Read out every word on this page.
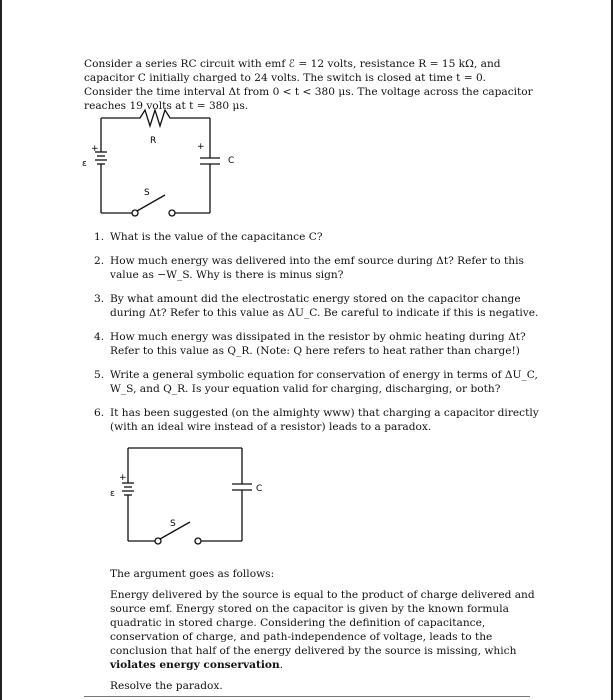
Consider a series RC circuit with emf ℰ = 12 volts, resistance R = 15 kΩ, and capacitor C initially charged to 24 volts. The switch is closed at time t = 0. Consider the time interval Δt from 0 < t < 380 μs. The voltage across the capacitor reaches 19 volts at t = 380 μs.

R
+
C
+
ε
S
1. What is the value of the capacitance C?
2. How much energy was delivered into the emf source during Δt? Refer to this value as −W_S. Why is there is minus sign?
3. By what amount did the electrostatic energy stored on the capacitor change during Δt? Refer to this value as ΔU_C. Be careful to indicate if this is negative.
4. How much energy was dissipated in the resistor by ohmic heating during Δt? Refer to this value as Q_R. (Note: Q here refers to heat rather than charge!)
5. Write a general symbolic equation for conservation of energy in terms of ΔU_C, W_S, and Q_R. Is your equation valid for charging, discharging, or both?
6. It has been suggested (on the almighty www) that charging a capacitor directly (with an ideal wire instead of a resistor) leads to a paradox.
C
+
ε
S

The argument goes as follows:

Energy delivered by the source is equal to the product of charge delivered and source emf. Energy stored on the capacitor is given by the known formula quadratic in stored charge. Considering the definition of capacitance, conservation of charge, and path-independence of voltage, leads to the conclusion that half of the energy delivered by the source is missing, which violates energy conservation.

Resolve the paradox.
